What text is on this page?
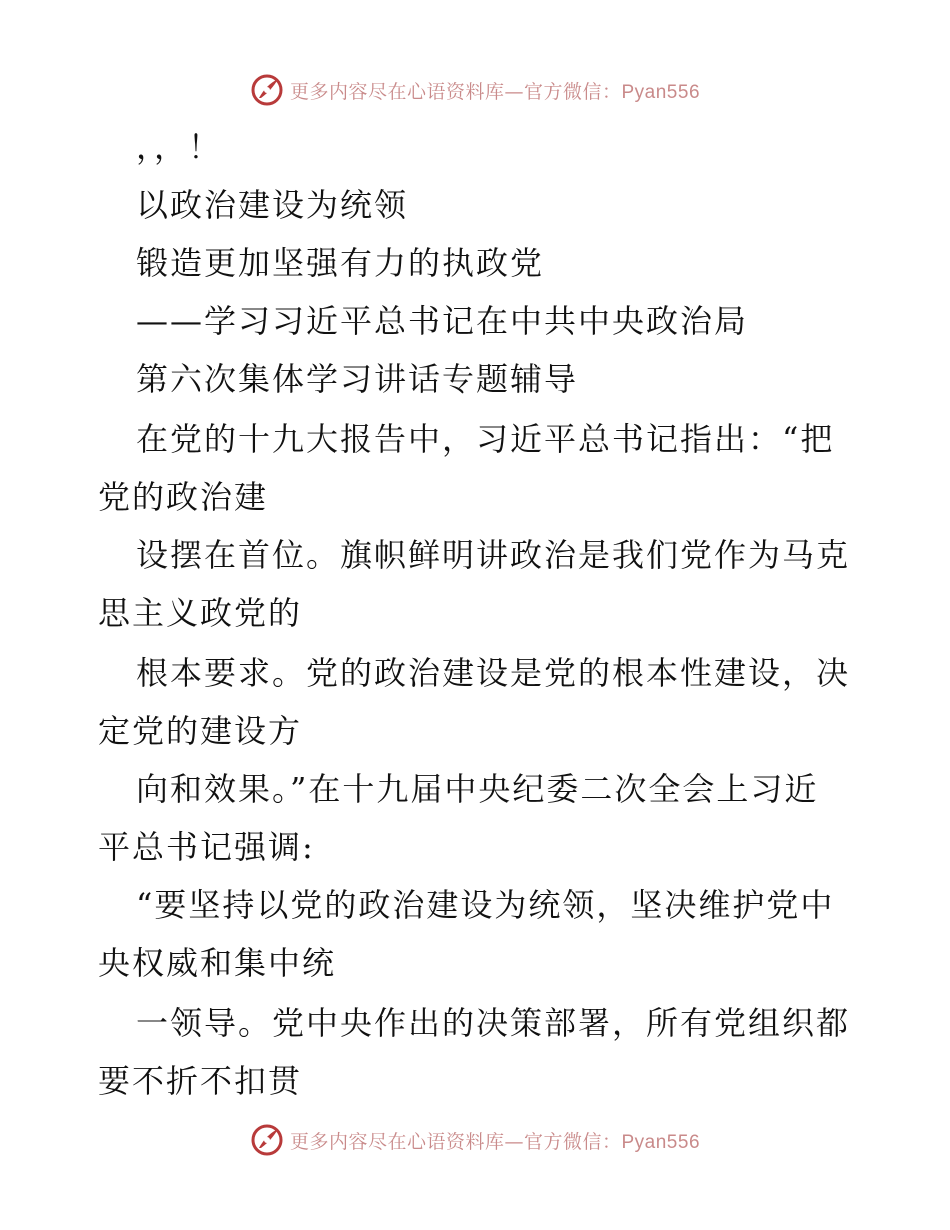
更多内容尽在心语资料库—官方微信：Pyan556
，，！
以政治建设为统领
锻造更加坚强有力的执政党
——学习习近平总书记在中共中央政治局
第六次集体学习讲话专题辅导
在党的十九大报告中，习近平总书记指出：“把
党的政治建
设摆在首位。旗帜鲜明讲政治是我们党作为马克
思主义政党的
根本要求。党的政治建设是党的根本性建设，决
定党的建设方
向和效果。”在十九届中央纪委二次全会上习近
平总书记强调:
“要坚持以党的政治建设为统领，坚决维护党中
央权威和集中统
一领导。党中央作出的决策部署，所有党组织都
要不折不扣贯
更多内容尽在心语资料库—官方微信：Pyan556
